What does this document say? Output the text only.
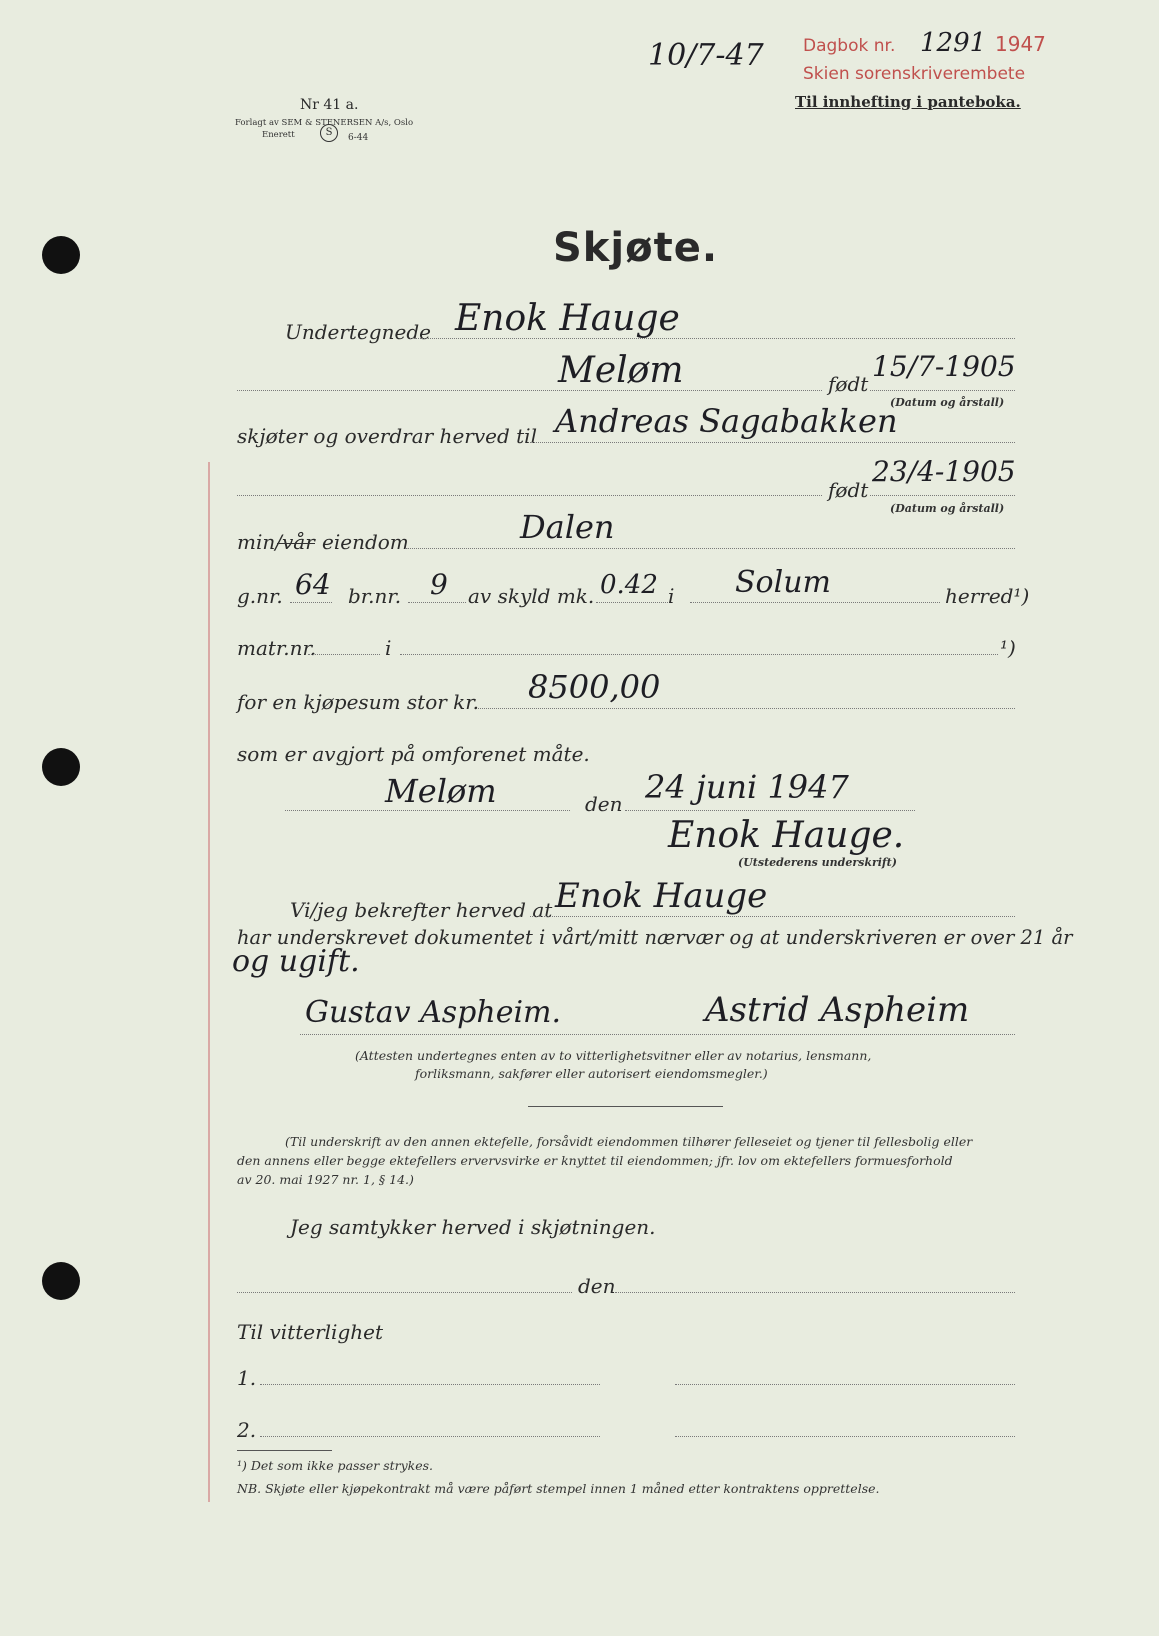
10/7-47 Dagbok nr. 1291 1947
Skien sorenskriverembete
Til innhefting i panteboka.
Nr 41 a.
Forlagt av SEM & STENERSEN A/s, Oslo
Enerett	S	6-44
Skjøte.
Undertegnede Enok Hauge
Meløm	født
15/7-1905
(Datum og årstall)
skjøter og overdrar herved til Andreas Sagabakken
født
23/4-1905
(Datum og årstall)
min/vår eiendom	Dalen
g.nr. 64 br.nr. 9 av skyld mk. 0.42 i Solum	herred¹)
matr.nr.	i	¹)
for en kjøpesum stor kr. 8500,00
som er avgjort på omforenet måte.
Meløm	den 24 juni 1947
Enok Hauge.
(Utstederens underskrift)
Vi/jeg bekrefter herved at Enok Hauge
har underskrevet dokumentet i vårt/mitt nærvær og at underskriveren er over 21 år
og ugift.
Gustav Aspheim.	Astrid Aspheim
(Attesten undertegnes enten av to vitterlighetsvitner eller av notarius, lensmann,
forliksmann, sakfører eller autorisert eiendomsmegler.)
(Til underskrift av den annen ektefelle, forsåvidt eiendommen tilhører felleseiet og tjener til fellesbolig eller
den annens eller begge ektefellers ervervsvirke er knyttet til eiendommen; jfr. lov om ektefellers formuesforhold
av 20. mai 1927 nr. 1, § 14.)
Jeg samtykker herved i skjøtningen.
den
Til vitterlighet
1.
2.
¹) Det som ikke passer strykes.
NB. Skjøte eller kjøpekontrakt må være påført stempel innen 1 måned etter kontraktens opprettelse.
